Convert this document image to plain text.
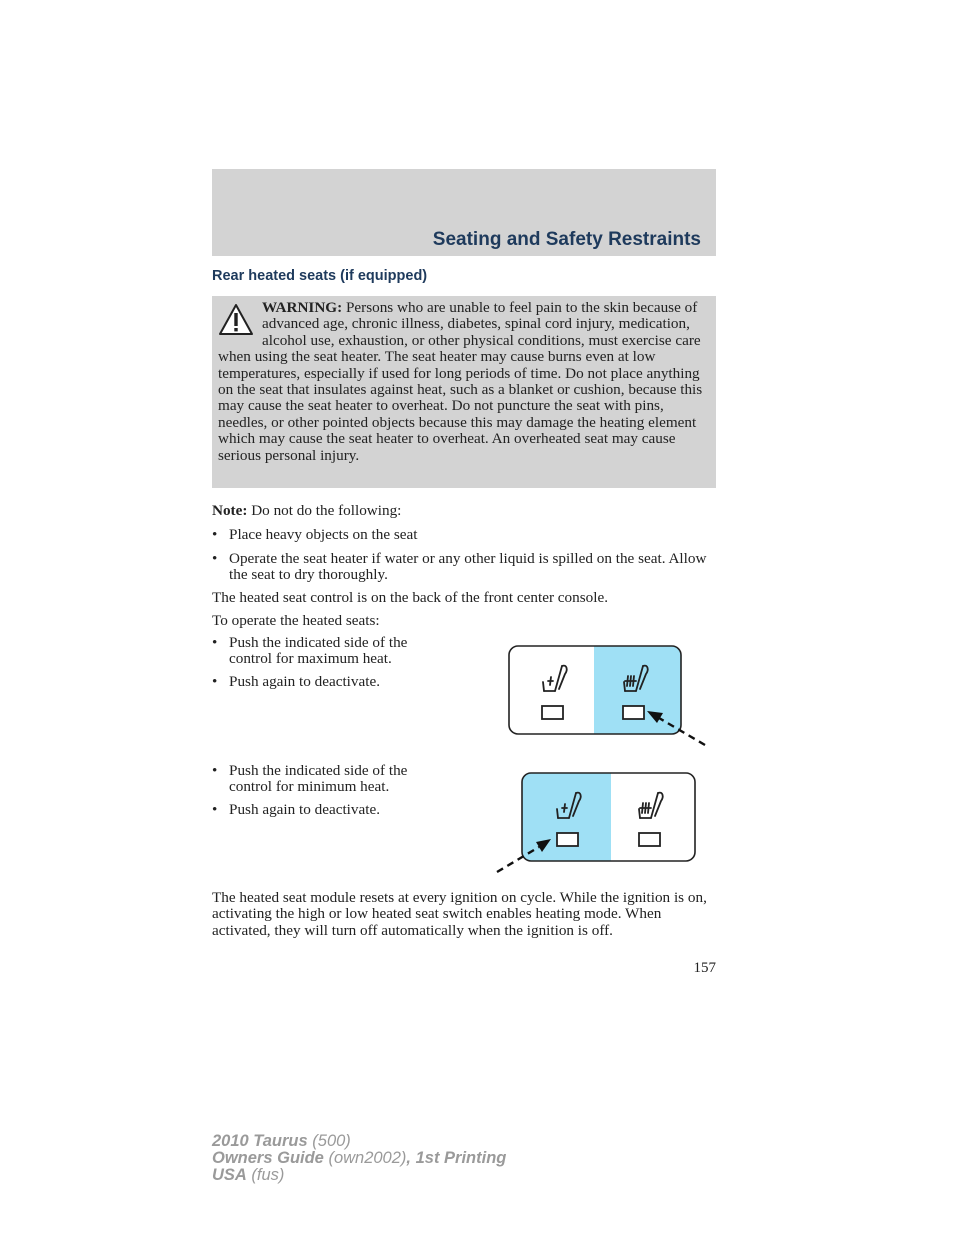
Seating and Safety Restraints
Rear heated seats (if equipped)
WARNING: Persons who are unable to feel pain to the skin because of advanced age, chronic illness, diabetes, spinal cord injury, medication, alcohol use, exhaustion, or other physical conditions, must exercise care when using the seat heater. The seat heater may cause burns even at low temperatures, especially if used for long periods of time. Do not place anything on the seat that insulates against heat, such as a blanket or cushion, because this may cause the seat heater to overheat. Do not puncture the seat with pins, needles, or other pointed objects because this may damage the heating element which may cause the seat heater to overheat. An overheated seat may cause serious personal injury.
Note: Do not do the following:
• Place heavy objects on the seat
• Operate the seat heater if water or any other liquid is spilled on the seat. Allow the seat to dry thoroughly.
The heated seat control is on the back of the front center console.
To operate the heated seats:
• Push the indicated side of the control for maximum heat.
• Push again to deactivate.
• Push the indicated side of the control for minimum heat.
• Push again to deactivate.
The heated seat module resets at every ignition on cycle. While the ignition is on, activating the high or low heated seat switch enables heating mode. When activated, they will turn off automatically when the ignition is off.
157
2010 Taurus (500)
Owners Guide (own2002), 1st Printing
USA (fus)
